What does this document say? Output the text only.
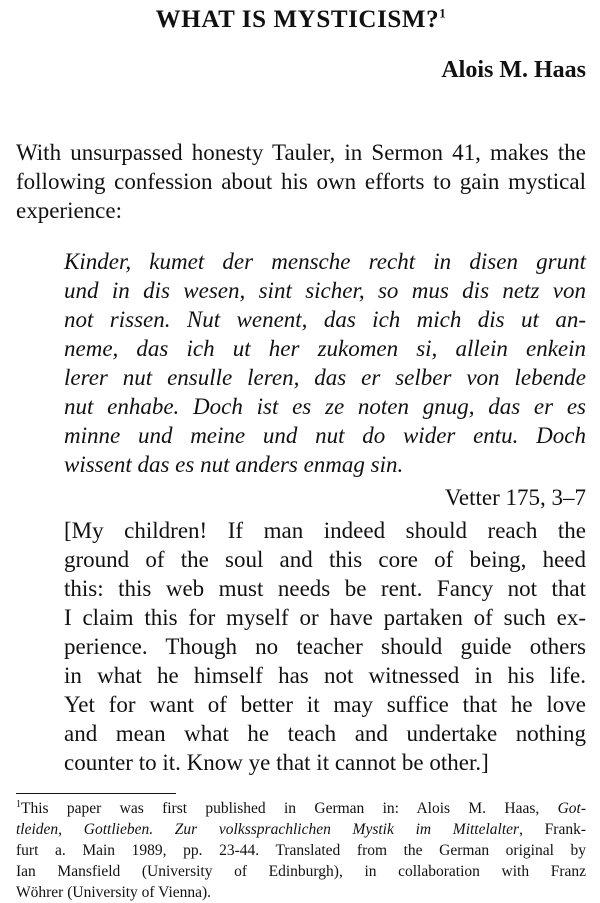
WHAT IS MYSTICISM?$^1$
Alois M. Haas

With unsurpassed honesty Tauler, in Sermon 41, makes the
following confession about his own efforts to gain mystical
experience:

Kinder, kumet der mensche recht in disen grunt
und in dis wesen, sint sicher, so mus dis netz von
not rissen. Nut wenent, das ich mich dis ut an-
neme, das ich ut her zukomen si, allein enkein
lerer nut ensulle leren, das er selber von lebende
nut enhabe. Doch ist es ze noten gnug, das er es
minne und meine und nut do wider entu. Doch
wissent das es nut anders enmag sin.
Vetter 175, 3–7
[My children! If man indeed should reach the
ground of the soul and this core of being, heed
this: this web must needs be rent. Fancy not that
I claim this for myself or have partaken of such ex-
perience. Though no teacher should guide others
in what he himself has not witnessed in his life.
Yet for want of better it may suffice that he love
and mean what he teach and undertake nothing
counter to it. Know ye that it cannot be other.]
$^1$This paper was first published in German in: Alois M. Haas, Got-
tleiden, Gottlieben. Zur volkssprachlichen Mystik im Mittelalter, Frank-
furt a. Main 1989, pp. 23-44. Translated from the German original by
Ian Mansfield (University of Edinburgh), in collaboration with Franz
Wöhrer (University of Vienna).
